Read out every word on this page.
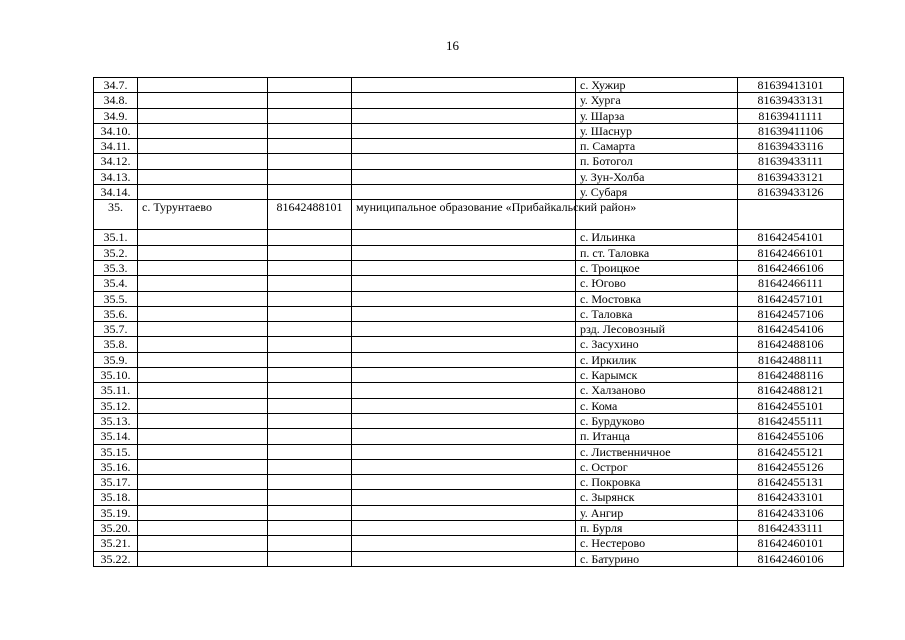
16
34.7.				с. Хужир	81639413101
34.8.				у. Хурга	81639433131
34.9.				у. Шарза	81639411111
34.10.				у. Шаснур	81639411106
34.11.				п. Самарта	81639433116
34.12.				п. Ботогол	81639433111
34.13.				у. Зун-Холба	81639433121
34.14.				у. Субаря	81639433126
35.	с. Турунтаево	81642488101	муниципальное образование «Прибайкальский район»		
35.1.				с. Ильинка	81642454101
35.2.				п. ст. Таловка	81642466101
35.3.				с. Троицкое	81642466106
35.4.				с. Югово	81642466111
35.5.				с. Мостовка	81642457101
35.6.				с. Таловка	81642457106
35.7.				рзд. Лесовозный	81642454106
35.8.				с. Засухино	81642488106
35.9.				с. Иркилик	81642488111
35.10.				с. Карымск	81642488116
35.11.				с. Халзаново	81642488121
35.12.				с. Кома	81642455101
35.13.				с. Бурдуково	81642455111
35.14.				п. Итанца	81642455106
35.15.				с. Лиственничное	81642455121
35.16.				с. Острог	81642455126
35.17.				с. Покровка	81642455131
35.18.				с. Зырянск	81642433101
35.19.				у. Ангир	81642433106
35.20.				п. Бурля	81642433111
35.21.				с. Нестерово	81642460101
35.22.				с. Батурино	81642460106
